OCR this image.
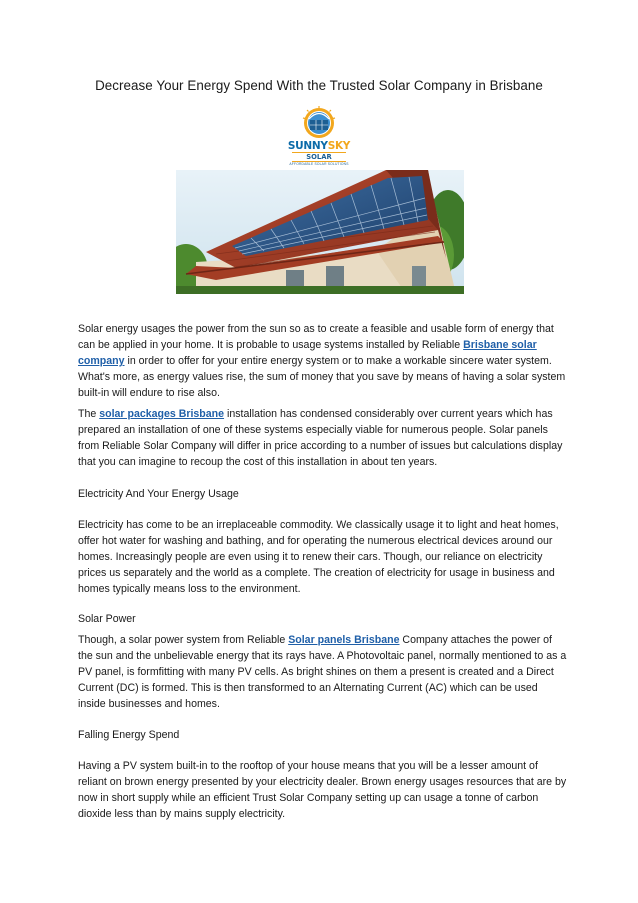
Decrease Your Energy Spend With the Trusted Solar Company in Brisbane
SUNNYSKY
SOLAR
AFFORDABLE SOLAR SOLUTIONS

Solar energy usages the power from the sun so as to create a feasible and usable form of energy that can be applied in your home. It is probable to usage systems installed by Reliable Brisbane solar company in order to offer for your entire energy system or to make a workable sincere water system. What's more, as energy values rise, the sum of money that you save by means of having a solar system built-in will endure to rise also.

The solar packages Brisbane installation has condensed considerably over current years which has prepared an installation of one of these systems especially viable for numerous people. Solar panels from Reliable Solar Company will differ in price according to a number of issues but calculations display that you can imagine to recoup the cost of this installation in about ten years.

Electricity And Your Energy Usage

Electricity has come to be an irreplaceable commodity. We classically usage it to light and heat homes, offer hot water for washing and bathing, and for operating the numerous electrical devices around our homes. Increasingly people are even using it to renew their cars. Though, our reliance on electricity prices us separately and the world as a complete. The creation of electricity for usage in business and homes typically means loss to the environment.

Solar Power

Though, a solar power system from Reliable Solar panels Brisbane Company attaches the power of the sun and the unbelievable energy that its rays have. A Photovoltaic panel, normally mentioned to as a PV panel, is formfitting with many PV cells. As bright shines on them a present is created and a Direct Current (DC) is formed. This is then transformed to an Alternating Current (AC) which can be used inside businesses and homes.

Falling Energy Spend

Having a PV system built-in to the rooftop of your house means that you will be a lesser amount of reliant on brown energy presented by your electricity dealer. Brown energy usages resources that are by now in short supply while an efficient Trust Solar Company setting up can usage a tonne of carbon dioxide less than by mains supply electricity.
